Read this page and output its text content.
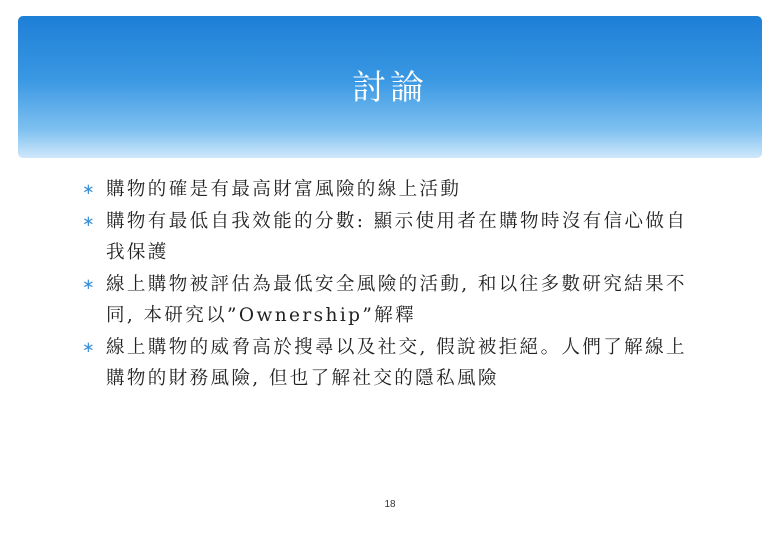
討論
∗ 購物的確是有最高財富風險的線上活動
∗ 購物有最低自我效能的分數: 顯示使用者在購物時沒有信心做自我保護
∗ 線上購物被評估為最低安全風險的活動, 和以往多數研究結果不同, 本研究以”Ownership”解釋
∗ 線上購物的威脅高於搜尋以及社交, 假說被拒絕。人們了解線上購物的財務風險, 但也了解社交的隱私風險
18
